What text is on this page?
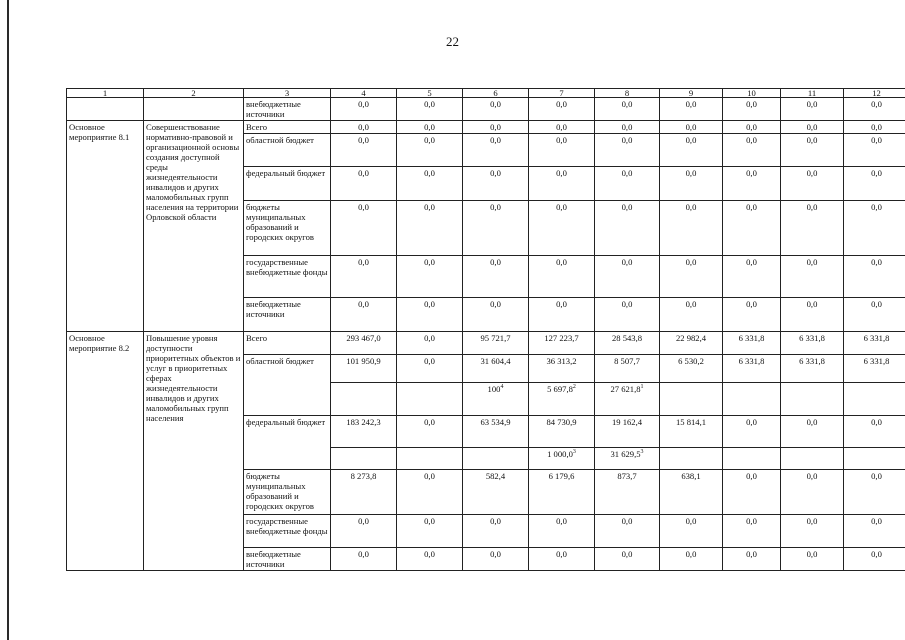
22
1	2	3	4	5	6	7	8	9	10	11	12
		внебюджетные источники	0,0	0,0	0,0	0,0	0,0	0,0	0,0	0,0	0,0
Основное мероприятие 8.1	Совершенствование нормативно-правовой и организационной основы создания доступной среды жизнедеятельности инвалидов и других маломобильных групп населения на территории Орловской области	Всего	0,0	0,0	0,0	0,0	0,0	0,0	0,0	0,0	0,0
		областной бюджет	0,0	0,0	0,0	0,0	0,0	0,0	0,0	0,0	0,0
		федеральный бюджет	0,0	0,0	0,0	0,0	0,0	0,0	0,0	0,0	0,0
		бюджеты муниципальных образований и городских округов	0,0	0,0	0,0	0,0	0,0	0,0	0,0	0,0	0,0
		государственные внебюджетные фонды	0,0	0,0	0,0	0,0	0,0	0,0	0,0	0,0	0,0
		внебюджетные источники	0,0	0,0	0,0	0,0	0,0	0,0	0,0	0,0	0,0
Основное мероприятие 8.2	Повышение уровня доступности приоритетных объектов и услуг в приоритетных сферах жизнедеятельности инвалидов и других маломобильных групп населения	Всего	293 467,0	0,0	95 721,7	127 223,7	28 543,8	22 982,4	6 331,8	6 331,8	6 331,8
		областной бюджет	101 950,9	0,0	31 604,4	36 313,2	8 507,7	6 530,2	6 331,8	6 331,8	6 331,8
					$100^4$	5 697,8$^2$	27 621,8$^1$				
		федеральный бюджет	183 242,3	0,0	63 534,9	84 730,9	19 162,4	15 814,1	0,0	0,0	0,0
						1 000,0$^3$	31 629,5$^3$				
		бюджеты муниципальных образований и городских округов	8 273,8	0,0	582,4	6 179,6	873,7	638,1	0,0	0,0	0,0
		государственные внебюджетные фонды	0,0	0,0	0,0	0,0	0,0	0,0	0,0	0,0	0,0
		внебюджетные источники	0,0	0,0	0,0	0,0	0,0	0,0	0,0	0,0	0,0
